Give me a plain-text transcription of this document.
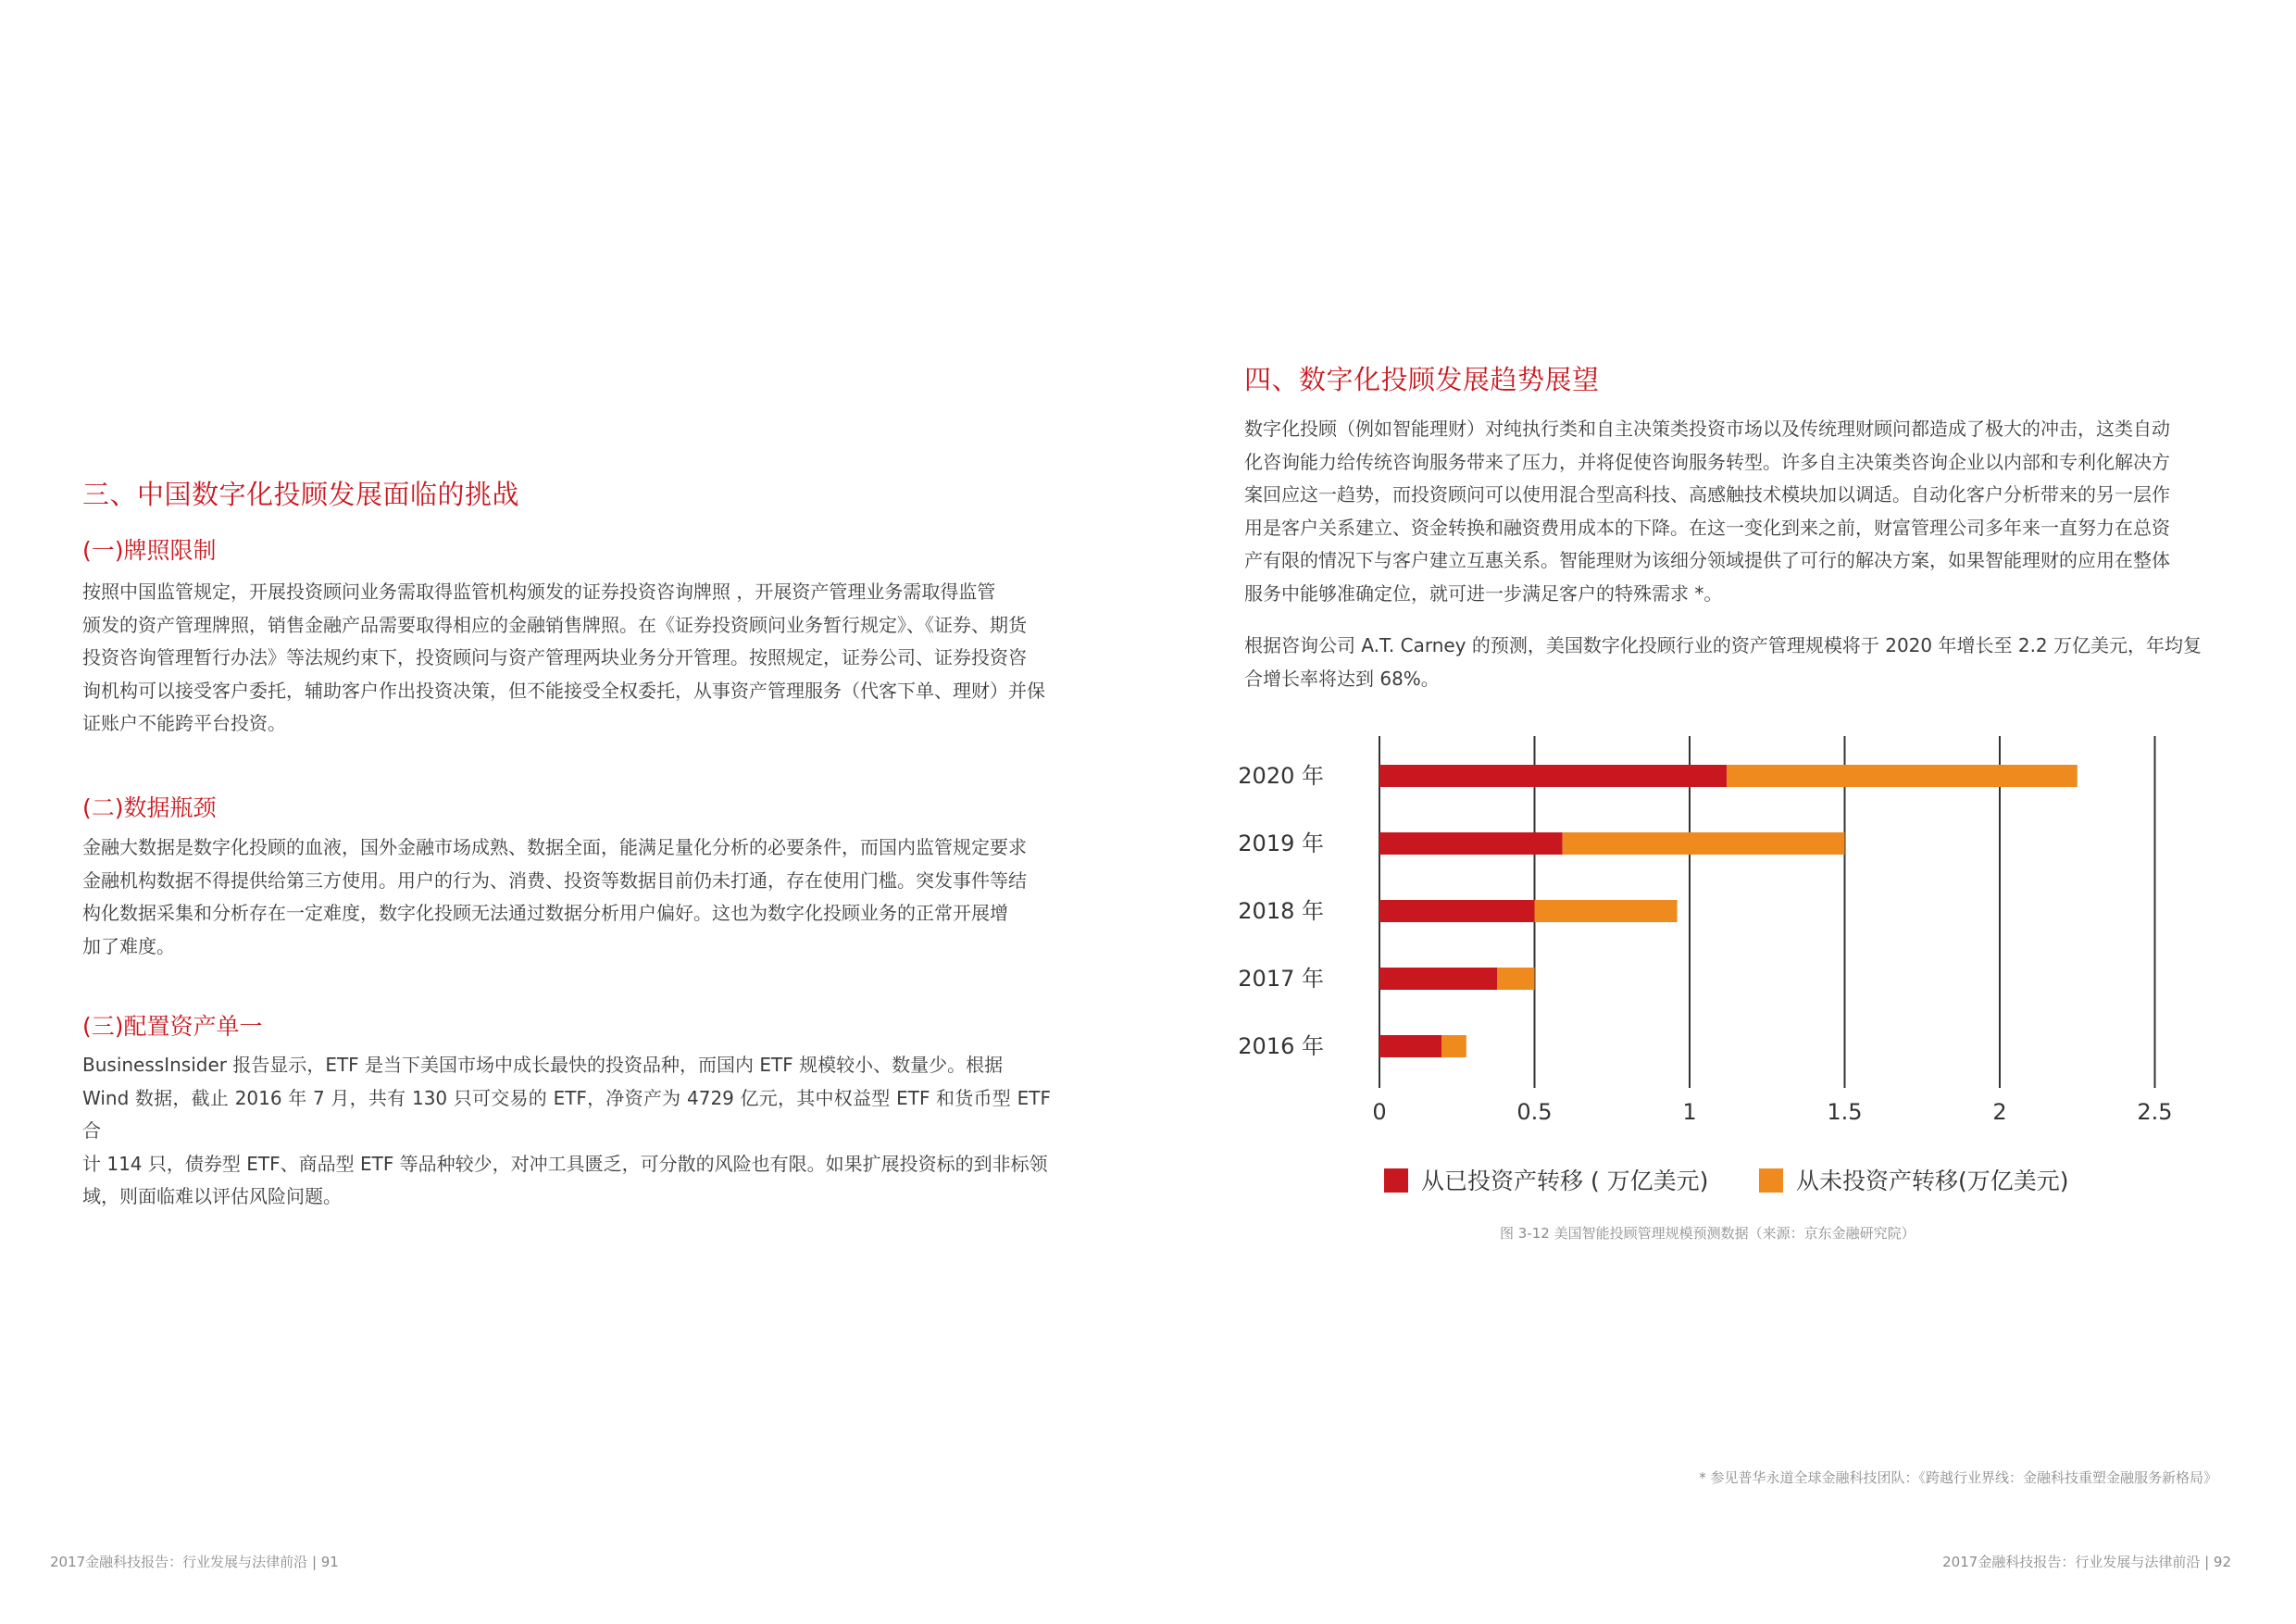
三、中国数字化投顾发展面临的挑战
(一)牌照限制

按照中国监管规定，开展投资顾问业务需取得监管机构颁发的证券投资咨询牌照 ，开展资产管理业务需取得监管

颁发的资产管理牌照，销售金融产品需要取得相应的金融销售牌照。在《证券投资顾问业务暂行规定》、《证券、期货

投资咨询管理暂行办法》等法规约束下，投资顾问与资产管理两块业务分开管理。按照规定，证券公司、证券投资咨

询机构可以接受客户委托，辅助客户作出投资决策，但不能接受全权委托，从事资产管理服务（代客下单、理财）并保

证账户不能跨平台投资。

(二)数据瓶颈

金融大数据是数字化投顾的血液，国外金融市场成熟、数据全面，能满足量化分析的必要条件，而国内监管规定要求

金融机构数据不得提供给第三方使用。用户的行为、消费、投资等数据目前仍未打通，存在使用门槛。突发事件等结

构化数据采集和分析存在一定难度，数字化投顾无法通过数据分析用户偏好。这也为数字化投顾业务的正常开展增

加了难度。

(三)配置资产单一

BusinessInsider 报告显示，ETF 是当下美国市场中成长最快的投资品种，而国内 ETF 规模较小、数量少。根据

Wind 数据，截止 2016 年 7 月，共有 130 只可交易的 ETF，净资产为 4729 亿元，其中权益型 ETF 和货币型 ETF 合

计 114 只，债券型 ETF、商品型 ETF 等品种较少，对冲工具匮乏，可分散的风险也有限。如果扩展投资标的到非标领

域，则面临难以评估风险问题。

2017金融科技报告：行业发展与法律前沿 | 91
四、数字化投顾发展趋势展望

数字化投顾（例如智能理财）对纯执行类和自主决策类投资市场以及传统理财顾问都造成了极大的冲击，这类自动

化咨询能力给传统咨询服务带来了压力，并将促使咨询服务转型。许多自主决策类咨询企业以内部和专利化解决方

案回应这一趋势，而投资顾问可以使用混合型高科技、高感触技术模块加以调适。自动化客户分析带来的另一层作

用是客户关系建立、资金转换和融资费用成本的下降。在这一变化到来之前，财富管理公司多年来一直努力在总资

产有限的情况下与客户建立互惠关系。智能理财为该细分领域提供了可行的解决方案，如果智能理财的应用在整体

服务中能够准确定位，就可进一步满足客户的特殊需求 *。

根据咨询公司 A.T. Carney 的预测，美国数字化投顾行业的资产管理规模将于 2020 年增长至 2.2 万亿美元，年均复

合增长率将达到 68%。

0	0.5	1	1.5	2	2.5
2020 年
2019 年
2018 年
2017 年
2016 年
从已投资产转移 ( 万亿美元)	从未投资产转移(万亿美元)
图 3-12 美国智能投顾管理规模预测数据（来源：京东金融研究院）
* 参见普华永道全球金融科技团队：《跨越行业界线：金融科技重塑金融服务新格局》
2017金融科技报告：行业发展与法律前沿 | 92
